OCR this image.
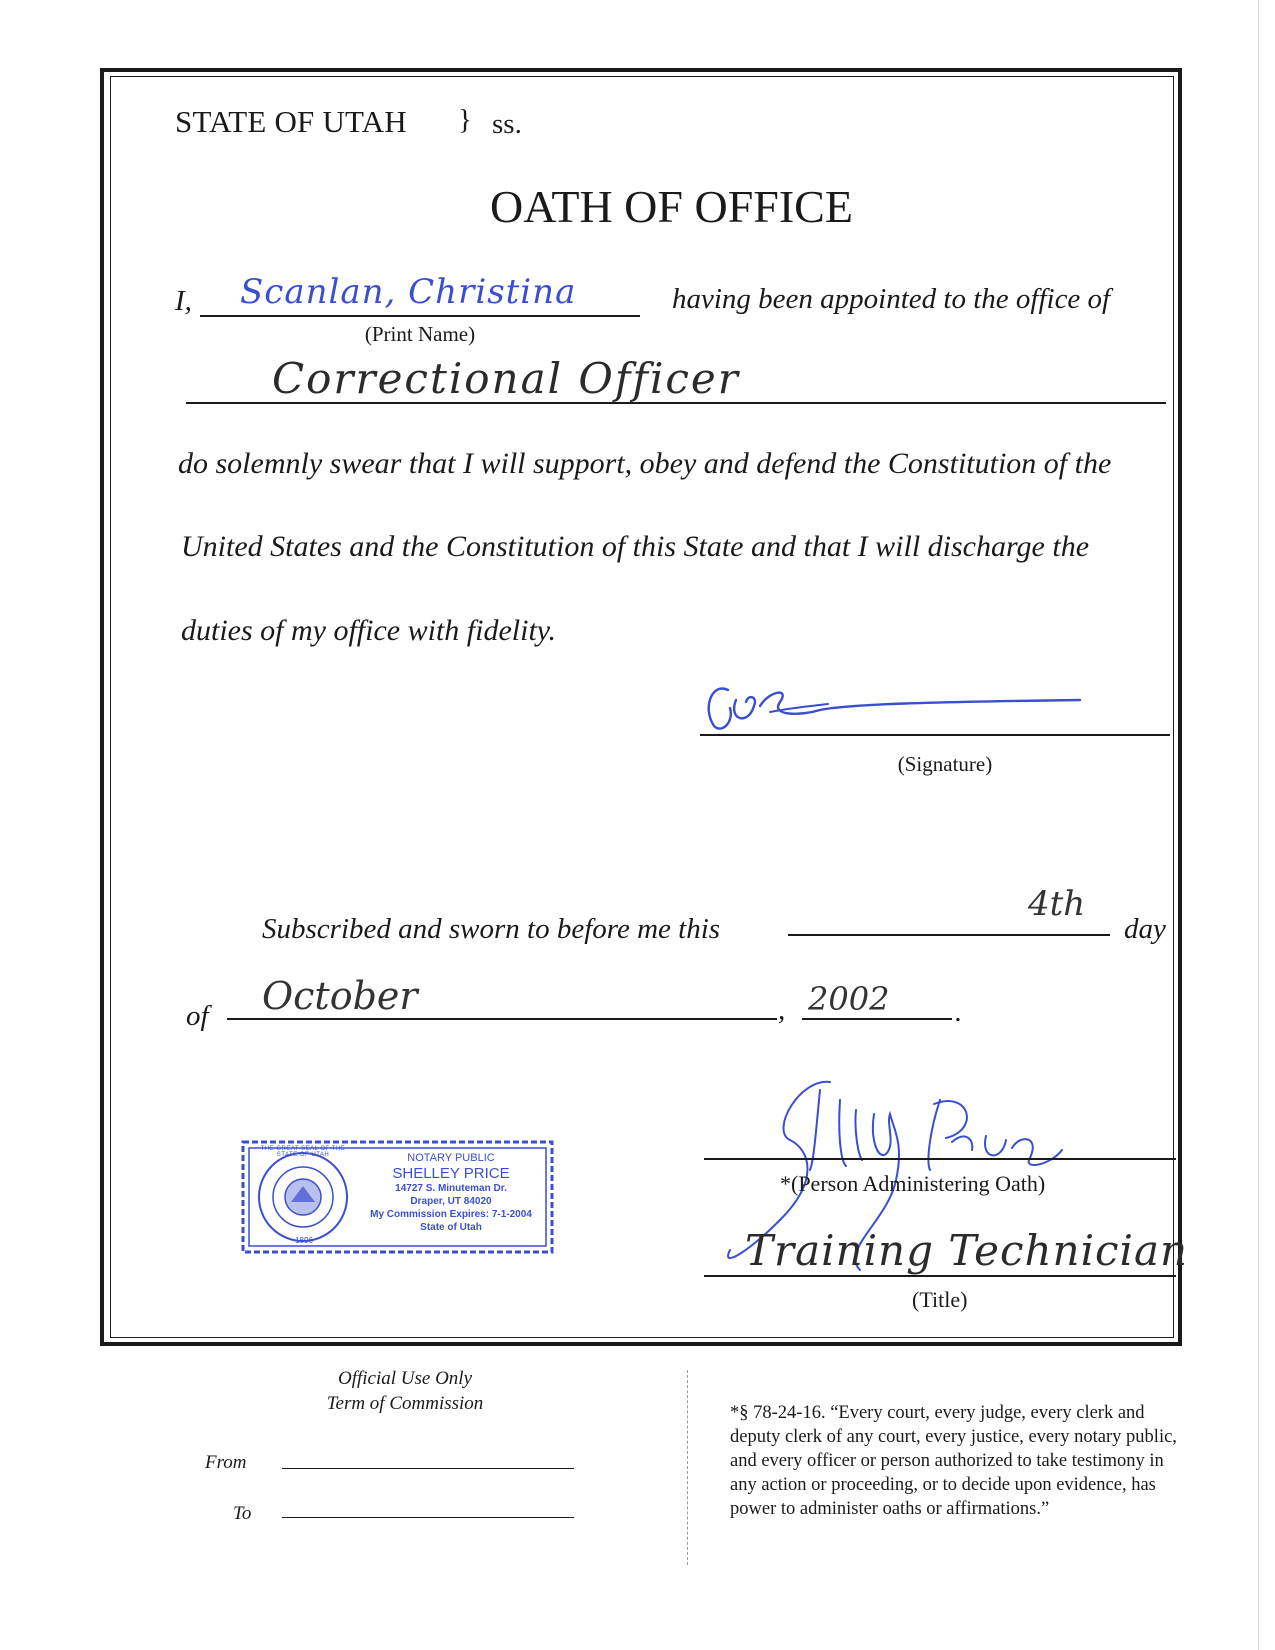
STATE OF UTAH } ss.
OATH OF OFFICE
I, Scanlan, Christina
(Print Name)
having been appointed to the office of
Correctional Officer
do solemnly swear that I will support, obey and defend the Constitution of the
United States and the Constitution of this State and that I will discharge the
duties of my office with fidelity.
(Signature)
Subscribed and sworn to before me this
4th
day
of October	, 2002 .
*(Person Administering Oath)
Training Technician
(Title)
1896
THE GREAT SEAL OF THE STATE OF UTAH	NOTARY PUBLIC
SHELLEY PRICE
14727 S. Minuteman Dr.
Draper, UT 84020
My Commission Expires: 7-1-2004
State of Utah
Official Use Only
Term of Commission
From
To
*§ 78-24-16. “Every court, every judge, every clerk and
deputy clerk of any court, every justice, every notary public,
and every officer or person authorized to take testimony in
any action or proceeding, or to decide upon evidence, has
power to administer oaths or affirmations.”
